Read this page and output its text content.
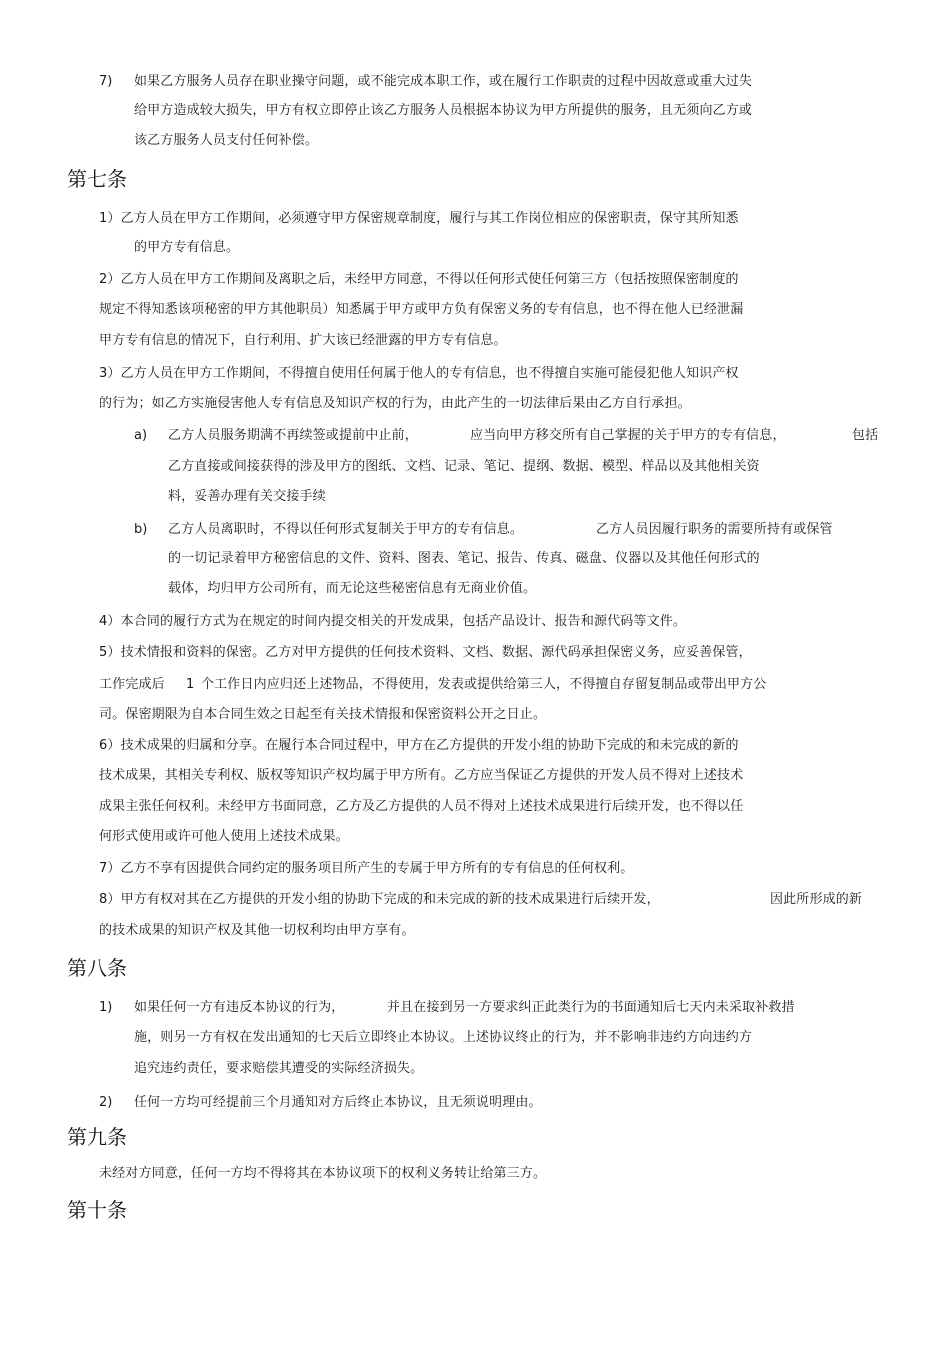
7) 如果乙方服务人员存在职业操守问题，或不能完成本职工作，或在履行工作职责的过程中因故意或重大过失
给甲方造成较大损失，甲方有权立即停止该乙方服务人员根据本协议为甲方所提供的服务，且无须向乙方或
该乙方服务人员支付任何补偿。
第七条
1）乙方人员在甲方工作期间，必须遵守甲方保密规章制度，履行与其工作岗位相应的保密职责，保守其所知悉
的甲方专有信息。
2）乙方人员在甲方工作期间及离职之后，未经甲方同意，不得以任何形式使任何第三方（包括按照保密制度的
规定不得知悉该项秘密的甲方其他职员）知悉属于甲方或甲方负有保密义务的专有信息，也不得在他人已经泄漏
甲方专有信息的情况下，自行利用、扩大该已经泄露的甲方专有信息。
3）乙方人员在甲方工作期间，不得擅自使用任何属于他人的专有信息，也不得擅自实施可能侵犯他人知识产权
的行为；如乙方实施侵害他人专有信息及知识产权的行为，由此产生的一切法律后果由乙方自行承担。
a) 乙方人员服务期满不再续签或提前中止前，	应当向甲方移交所有自己掌握的关于甲方的专有信息，	包括
乙方直接或间接获得的涉及甲方的图纸、文档、记录、笔记、提纲、数据、模型、样品以及其他相关资
料，妥善办理有关交接手续
b) 乙方人员离职时，不得以任何形式复制关于甲方的专有信息。	乙方人员因履行职务的需要所持有或保管
的一切记录着甲方秘密信息的文件、资料、图表、笔记、报告、传真、磁盘、仪器以及其他任何形式的
载体，均归甲方公司所有，而无论这些秘密信息有无商业价值。
4）本合同的履行方式为在规定的时间内提交相关的开发成果，包括产品设计、报告和源代码等文件。
5）技术情报和资料的保密。乙方对甲方提供的任何技术资料、文档、数据、源代码承担保密义务，应妥善保管，
工作完成后 1 个工作日内应归还上述物品，不得使用，发表或提供给第三人，不得擅自存留复制品或带出甲方公
司。保密期限为自本合同生效之日起至有关技术情报和保密资料公开之日止。
6）技术成果的归属和分享。在履行本合同过程中，甲方在乙方提供的开发小组的协助下完成的和未完成的新的
技术成果，其相关专利权、版权等知识产权均属于甲方所有。乙方应当保证乙方提供的开发人员不得对上述技术
成果主张任何权利。未经甲方书面同意，乙方及乙方提供的人员不得对上述技术成果进行后续开发，也不得以任
何形式使用或许可他人使用上述技术成果。
7）乙方不享有因提供合同约定的服务项目所产生的专属于甲方所有的专有信息的任何权利。
8）甲方有权对其在乙方提供的开发小组的协助下完成的和未完成的新的技术成果进行后续开发，	因此所形成的新
的技术成果的知识产权及其他一切权利均由甲方享有。
第八条
1) 如果任何一方有违反本协议的行为，	并且在接到另一方要求纠正此类行为的书面通知后七天内未采取补救措
施，则另一方有权在发出通知的七天后立即终止本协议。上述协议终止的行为，并不影响非违约方向违约方
追究违约责任，要求赔偿其遭受的实际经济损失。
2) 任何一方均可经提前三个月通知对方后终止本协议，且无须说明理由。
第九条
未经对方同意，任何一方均不得将其在本协议项下的权利义务转让给第三方。
第十条
